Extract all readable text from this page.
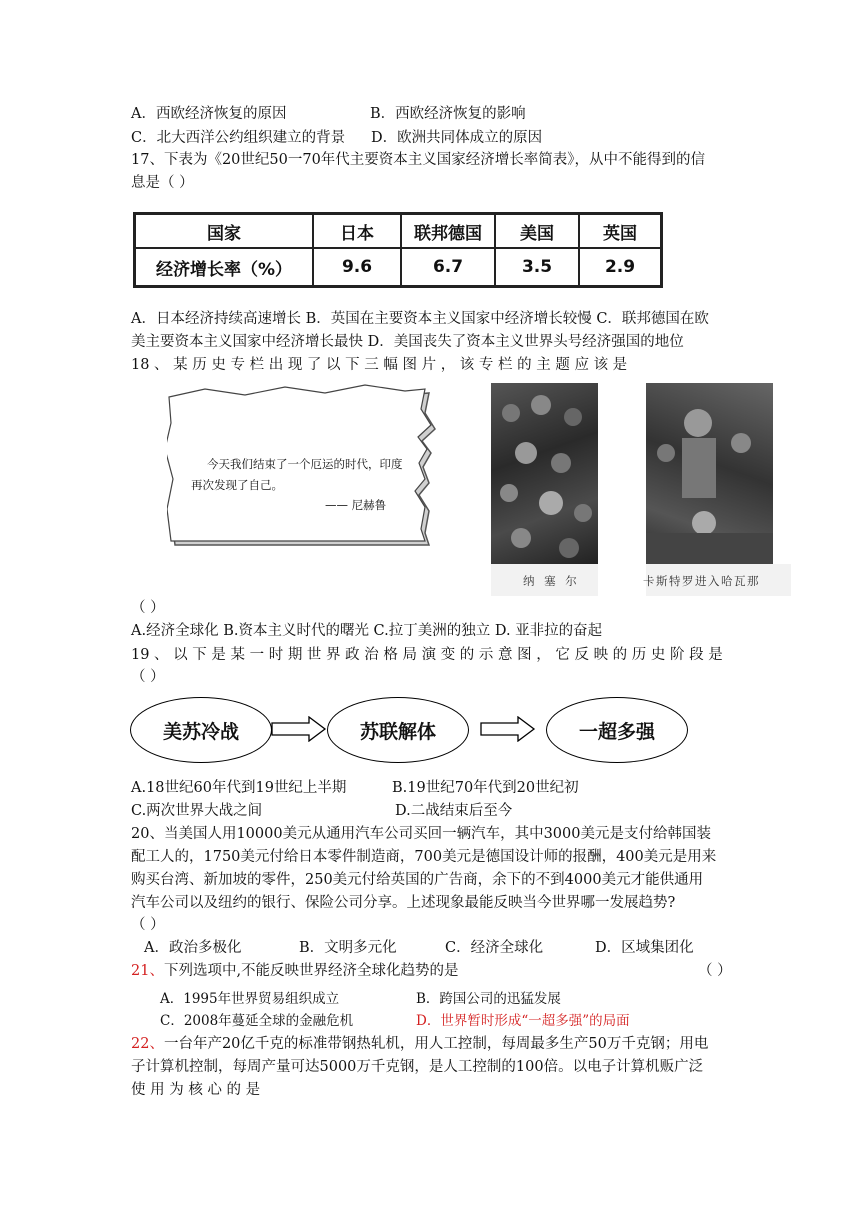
A．西欧经济恢复的原因	B．西欧经济恢复的影响
C．北大西洋公约组织建立的背景 D．欧洲共同体成立的原因
17、下表为《20世纪50一70年代主要资本主义国家经济增长率简表》，从中不能得到的信
息是（ ）
国家	日本	联邦德国	美国	英国
经济增长率（%）	9.6	6.7	3.5	2.9
A．日本经济持续高速增长 B．英国在主要资本主义国家中经济增长较慢 C．联邦德国在欧
美主要资本主义国家中经济增长最快 D．美国丧失了资本主义世界头号经济强国的地位
18 、 某 历 史 专 栏 出 现 了 以 下 三 幅 图 片 ， 该 专 栏 的 主 题 应 该 是
今天我们结束了一个厄运的时代，印度
再次发现了自己。
—— 尼赫鲁
纳 塞 尔	卡斯特罗进入哈瓦那
（ ）
A.经济全球化 B.资本主义时代的曙光 C.拉丁美洲的独立 D. 亚非拉的奋起
19 、 以 下 是 某 一 时 期 世 界 政 治 格 局 演 变 的 示 意 图 ， 它 反 映 的 历 史 阶 段 是
（ ）
美苏冷战	苏联解体	一超多强
A.18世纪60年代到19世纪上半期	B.19世纪70年代到20世纪初
C.两次世界大战之间	D.二战结束后至今
20、当美国人用10000美元从通用汽车公司买回一辆汽车，其中3000美元是支付给韩国装
配工人的，1750美元付给日本零件制造商，700美元是德国设计师的报酬，400美元是用来
购买台湾、新加坡的零件，250美元付给英国的广告商，余下的不到4000美元才能供通用
汽车公司以及纽约的银行、保险公司分享。上述现象最能反映当今世界哪一发展趋势?
（ ）
A．政治多极化	B．文明多元化	C．经济全球化	D．区域集团化
21、下列选项中,不能反映世界经济全球化趋势的是	（ ）
A．1995年世界贸易组织成立	B．跨国公司的迅猛发展
C．2008年蔓延全球的金融危机	D．世界暂时形成“一超多强”的局面
22、一台年产20亿千克的标准带钢热轧机，用人工控制，每周最多生产50万千克钢；用电
子计算机控制，每周产量可达5000万千克钢，是人工控制的100倍。以电子计算机贩广泛
使 用 为 核 心 的 是
